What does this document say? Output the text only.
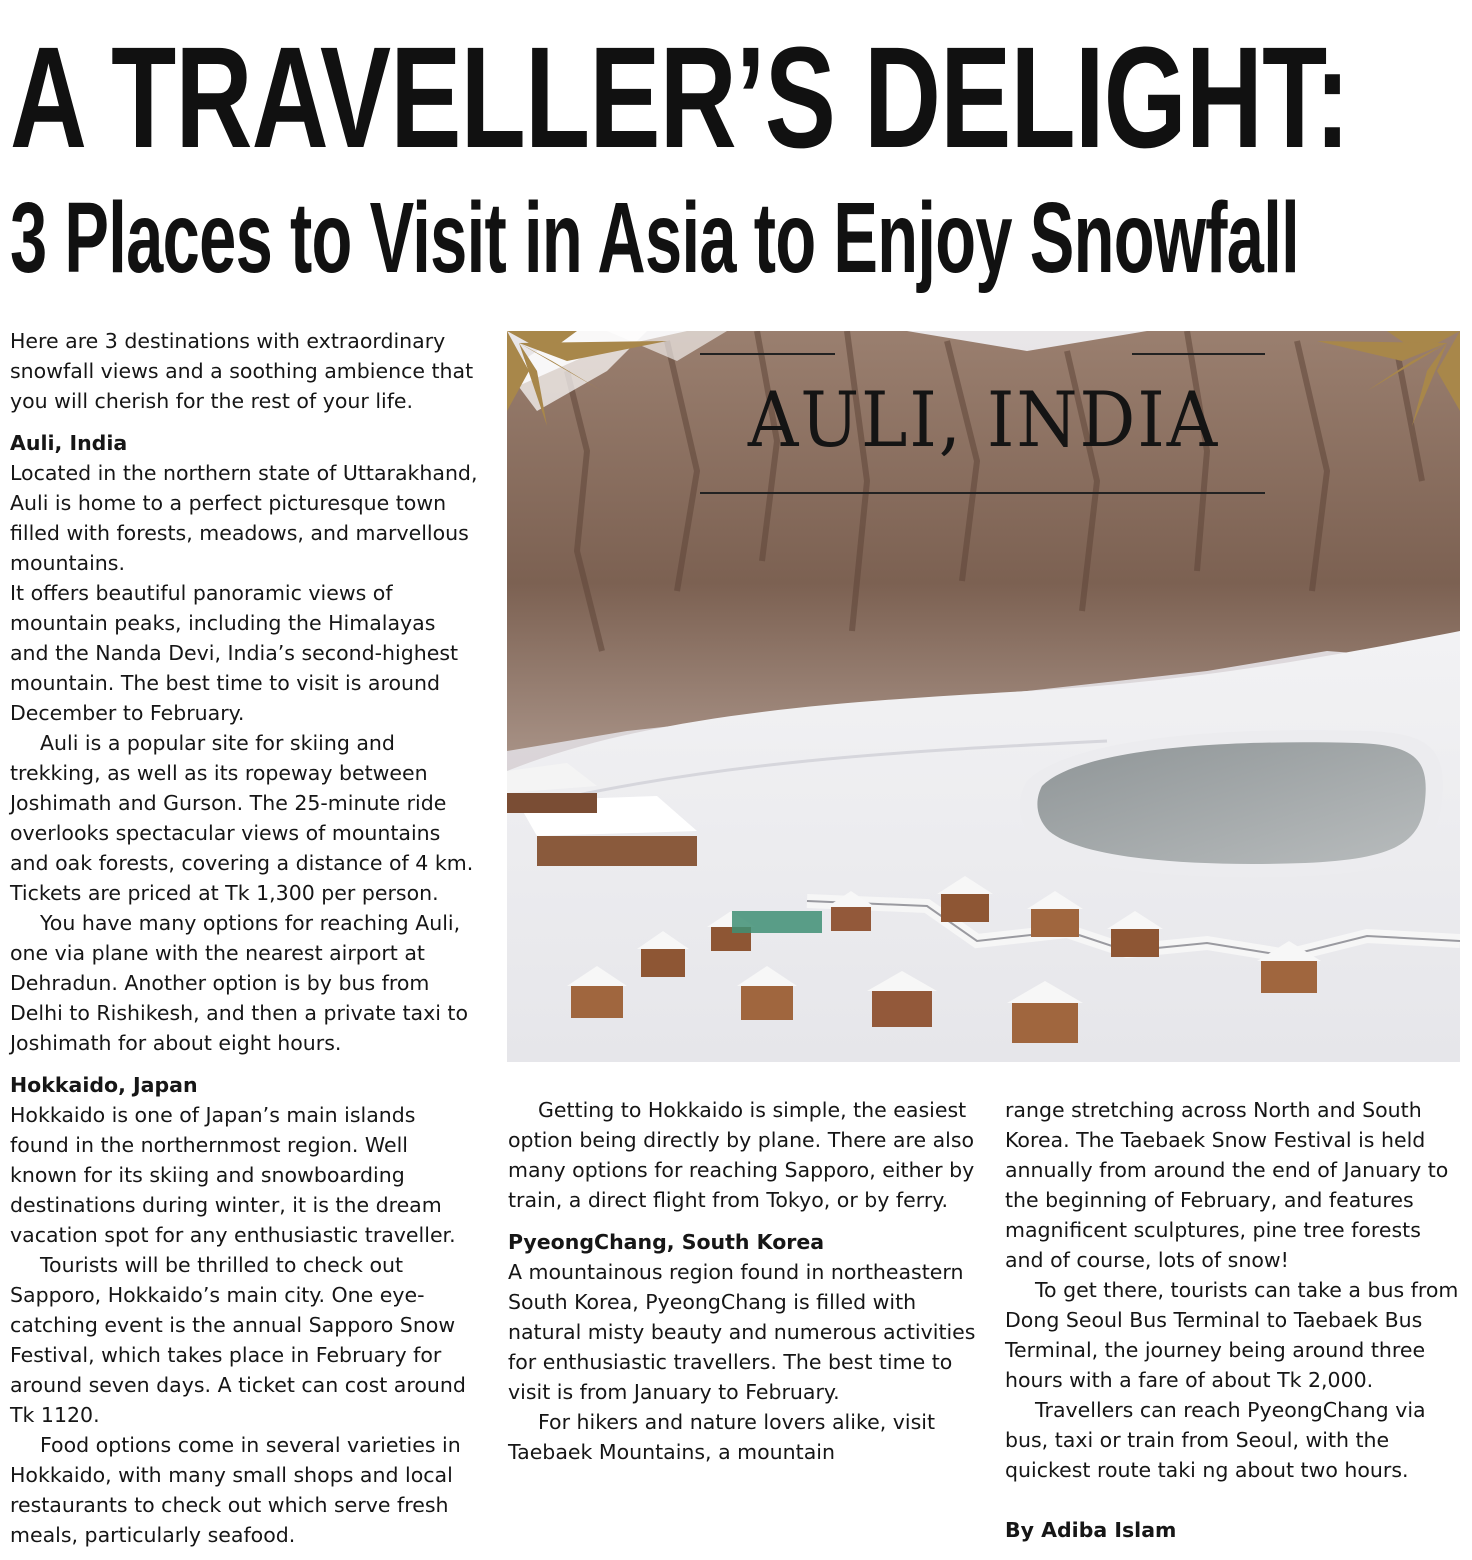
A TRAVELLER’S DELIGHT:
3 Places to Visit in Asia to Enjoy Snowfall

Here are 3 destinations with extraordinary snowfall views and a soothing ambience that you will cherish for the rest of your life.

Auli, India

Located in the northern state of Uttarakhand, Auli is home to a perfect picturesque town filled with forests, meadows, and marvellous mountains.

It offers beautiful panoramic views of mountain peaks, including the Himalayas and the Nanda Devi, India’s second-highest mountain. The best time to visit is around December to February.

Auli is a popular site for skiing and trekking, as well as its ropeway between Joshimath and Gurson. The 25-minute ride overlooks spectacular views of mountains and oak forests, covering a distance of 4 km. Tickets are priced at Tk 1,300 per person.

You have many options for reaching Auli, one via plane with the nearest airport at Dehradun. Another option is by bus from Delhi to Rishikesh, and then a private taxi to Joshimath for about eight hours.

Hokkaido, Japan

Hokkaido is one of Japan’s main islands found in the northernmost region. Well known for its skiing and snowboarding destinations during winter, it is the dream vacation spot for any enthusiastic traveller.

Tourists will be thrilled to check out Sapporo, Hokkaido’s main city. One eye-catching event is the annual Sapporo Snow Festival, which takes place in February for around seven days. A ticket can cost around Tk 1120.

Food options come in several varieties in Hokkaido, with many small shops and local restaurants to check out which serve fresh meals, particularly seafood.

AULI, INDIA

Getting to Hokkaido is simple, the easiest option being directly by plane. There are also many options for reaching Sapporo, either by train, a direct flight from Tokyo, or by ferry.

PyeongChang, South Korea

A mountainous region found in northeastern South Korea, PyeongChang is filled with natural misty beauty and numerous activities for enthusiastic travellers. The best time to visit is from January to February.

For hikers and nature lovers alike, visit Taebaek Mountains, a mountain

range stretching across North and South Korea. The Taebaek Snow Festival is held annually from around the end of January to the beginning of February, and features magnificent sculptures, pine tree forests and of course, lots of snow!

To get there, tourists can take a bus from Dong Seoul Bus Terminal to Taebaek Bus Terminal, the journey being around three hours with a fare of about Tk 2,000.

Travellers can reach PyeongChang via bus, taxi or train from Seoul, with the quickest route taki ng about two hours.

By Adiba Islam
